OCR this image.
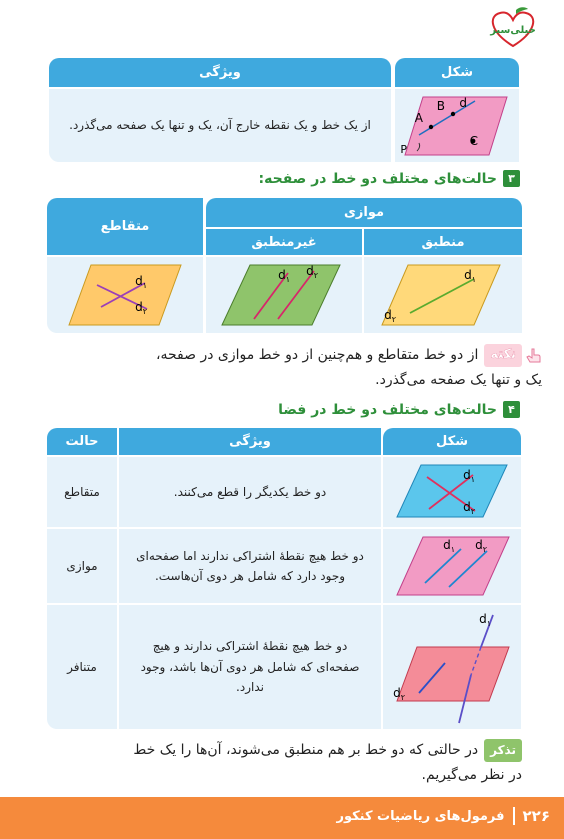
خیلی‌سبز
شکل
ویژگی
A
B d
C
P
از یک خط و یک نقطه خارج آن، یک و تنها یک صفحه می‌گذرد.
۳
حالت‌های مختلف دو خط در صفحه:
موازی
متقاطع
منطبق
غیرمنطبق
$d_۱$
$d_۲$
$d_۱$
$d_۲$
$d_۱$
$d_۲$
نکته
از دو خط متقاطع و هم‌چنین از دو خط موازی در صفحه،
یک و تنها یک صفحه می‌گذرد.
۴
حالت‌های مختلف دو خط در فضا
شکل
ویژگی
حالت
$d_۱$
$d_۲$
دو خط یکدیگر را قطع می‌کنند.
متقاطع
$d_۱$ $d_۲$
دو خط هیچ نقطهٔ اشتراکی ندارند اما صفحه‌ای وجود دارد که شامل هر دوی آن‌هاست.
موازی
$d_۱$
$d_۲$
دو خط هیچ نقطهٔ اشتراکی ندارند و هیچ صفحه‌ای که شامل هر دوی آن‌ها باشد، وجود ندارد.
متنافر
تذکر
در حالتی که دو خط بر هم منطبق می‌شوند، آن‌ها را یک خط
در نظر می‌گیریم.
۲۲۶
فرمول‌های ریاضیات کنکور
